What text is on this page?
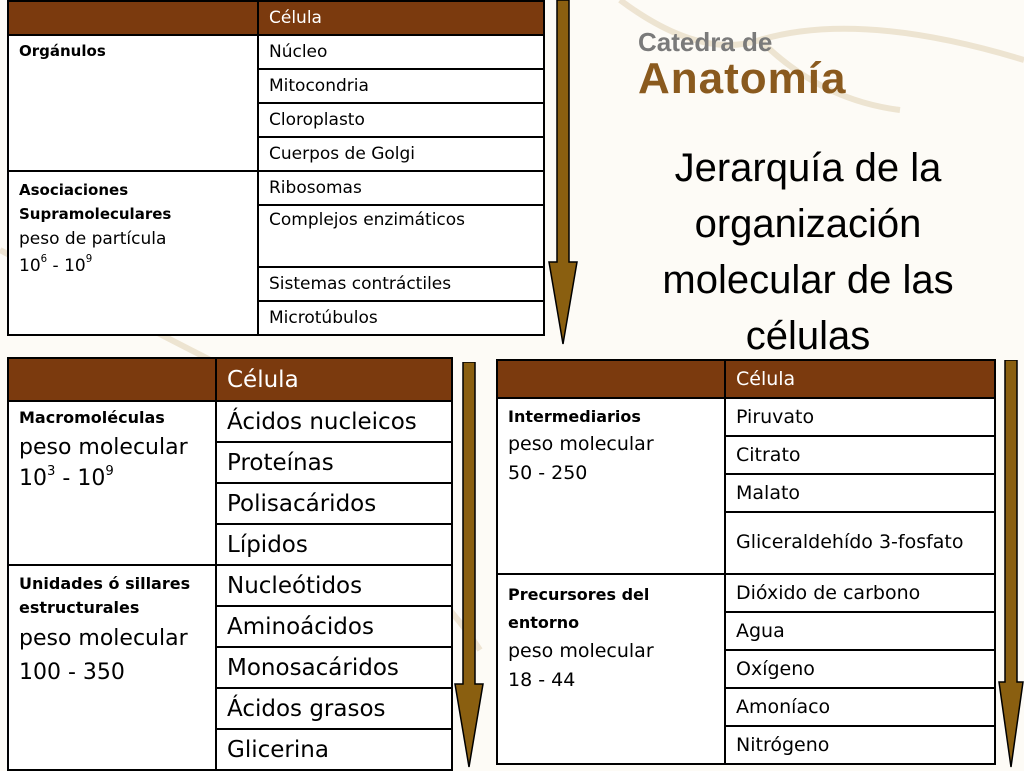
Catedra de
Anatomía
Jerarquía de la
organización
molecular de las
células
	Célula

Orgánulos	Núcleo
	Mitocondria
	Cloroplasto
	Cuerpos de Golgi

Asociaciones
Supramoleculares
peso de partícula
$10^6 - 10^9$	Ribosomas
	Complejos enzimáticos
	Sistemas contráctiles
	Microtúbulos
	Célula

Macromoléculas
peso molecular
$10^3 - 10^9$	Ácidos nucleicos
	Proteínas
	Polisacáridos
	Lípidos

Unidades ó sillares estructurales
peso molecular
100 - 350	Nucleótidos
	Aminoácidos
	Monosacáridos
	Ácidos grasos
	Glicerina
	Célula

Intermediarios
peso molecular
50 - 250	Piruvato
	Citrato
	Malato
	Gliceraldehído 3-fosfato

Precursores del
entorno
peso molecular
18 - 44	Dióxido de carbono
	Agua
	Oxígeno
	Amoníaco
	Nitrógeno
